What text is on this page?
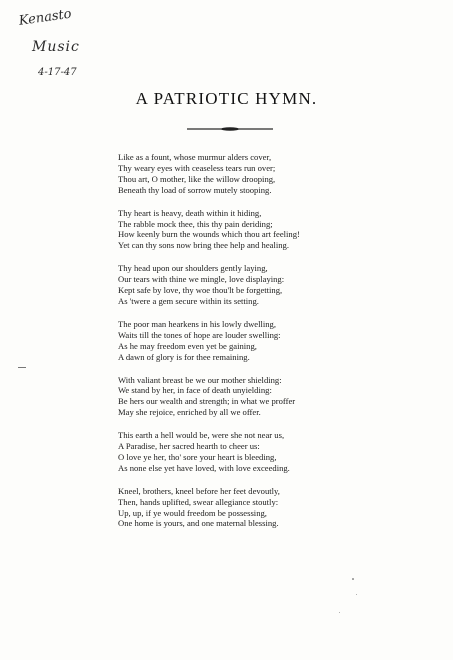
Kenasto
Music
4-17-47
A PATRIOTIC HYMN.
Like as a fount, whose murmur alders cover,
Thy weary eyes with ceaseless tears run over;
Thou art, O mother, like the willow drooping,
Beneath thy load of sorrow mutely stooping.
Thy heart is heavy, death within it hiding,
The rabble mock thee, this thy pain deriding;
How keenly burn the wounds which thou art feeling!
Yet can thy sons now bring thee help and healing.
Thy head upon our shoulders gently laying,
Our tears with thine we mingle, love displaying:
Kept safe by love, thy woe thou'lt be forgetting,
As 'twere a gem secure within its setting.
The poor man hearkens in his lowly dwelling,
Waits till the tones of hope are louder swelling:
As he may freedom even yet be gaining,
A dawn of glory is for thee remaining.
With valiant breast be we our mother shielding:
We stand by her, in face of death unyielding:
Be hers our wealth and strength; in what we proffer
May she rejoice, enriched by all we offer.
This earth a hell would be, were she not near us,
A Paradise, her sacred hearth to cheer us:
O love ye her, tho' sore your heart is bleeding,
As none else yet have loved, with love exceeding.
Kneel, brothers, kneel before her feet devoutly,
Then, hands uplifted, swear allegiance stoutly:
Up, up, if ye would freedom be possessing,
One home is yours, and one maternal blessing.
